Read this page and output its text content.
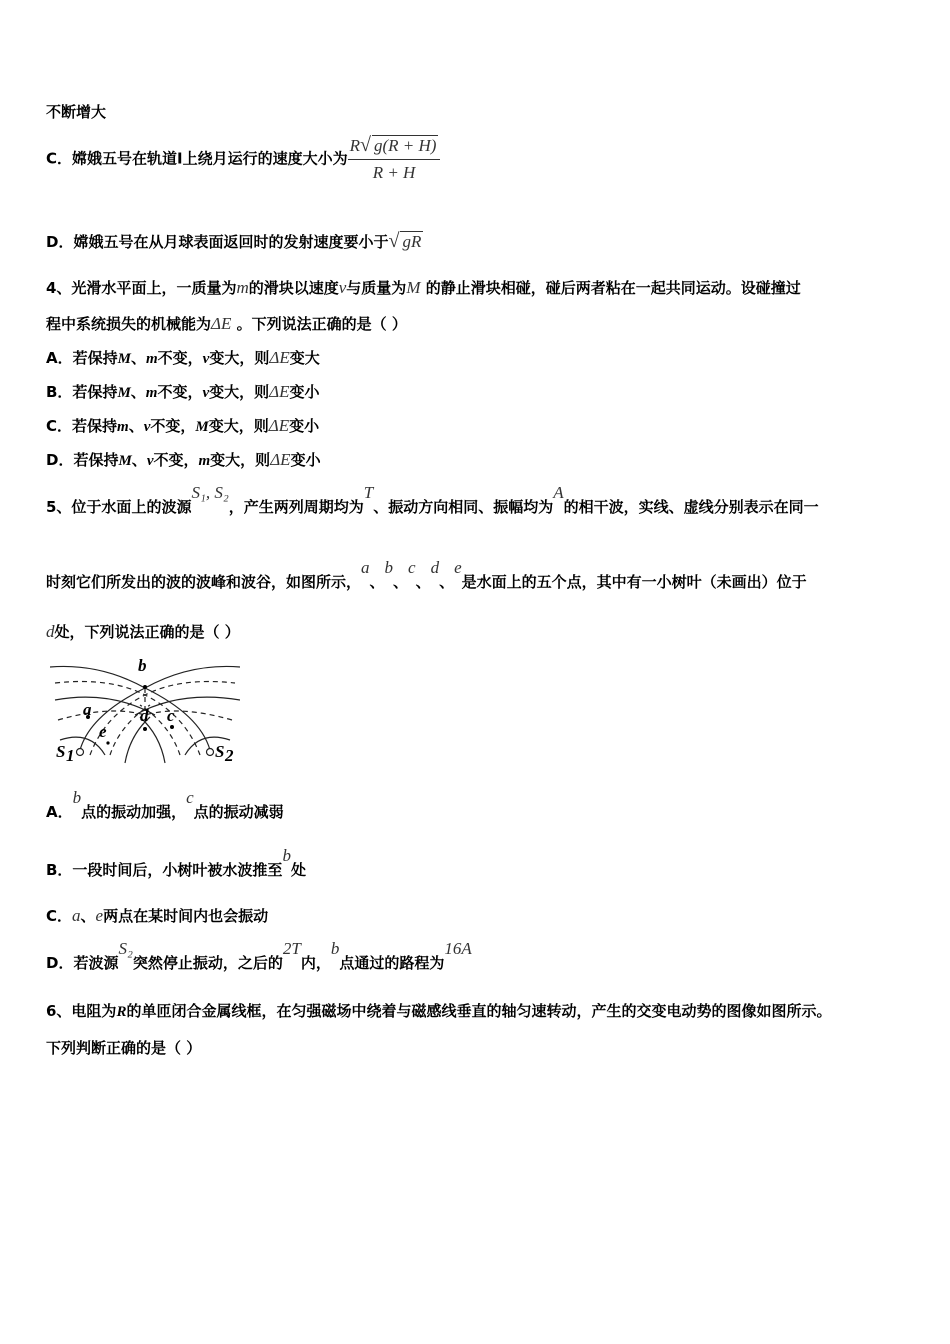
不断增大
C．嫦娥五号在轨道Ⅰ上绕月运行的速度大小为 $\frac{R√ g(R + H)}{R + H}$
D．嫦娥五号在从月球表面返回时的发射速度要小于√ gR
4、光滑水平面上，一质量为m的滑块以速度v与质量为M 的静止滑块相碰，碰后两者粘在一起共同运动。设碰撞过
程中系统损失的机械能为ΔE 。下列说法正确的是（ ）
A．若保持M、m不变，v变大，则ΔE变大
B．若保持M、m不变，v变大，则ΔE变小
C．若保持m、v不变，M变大，则ΔE变小
D．若保持M、v不变，m变大，则ΔE变小
5、位于水面上的波源S₁, S₂，产生两列周期均为T、振动方向相同、振幅均为A的相干波，实线、虚线分别表示在同一
时刻它们所发出的波的波峰和波谷，如图所示，a、b、c、d、e是水面上的五个点，其中有一小树叶（未画出）位于
d处，下列说法正确的是（ ）
A．b点的振动加强，c点的振动减弱
B．一段时间后，小树叶被水波推至b处
C．a、e两点在某时间内也会振动
D．若波源S₂突然停止振动，之后的2T内，b点通过的路程为16A
6、电阻为R的单匝闭合金属线框，在匀强磁场中绕着与磁感线垂直的轴匀速转动，产生的交变电动势的图像如图所示。
下列判断正确的是（ ）
b
a	d c
e
S 1	S 2
